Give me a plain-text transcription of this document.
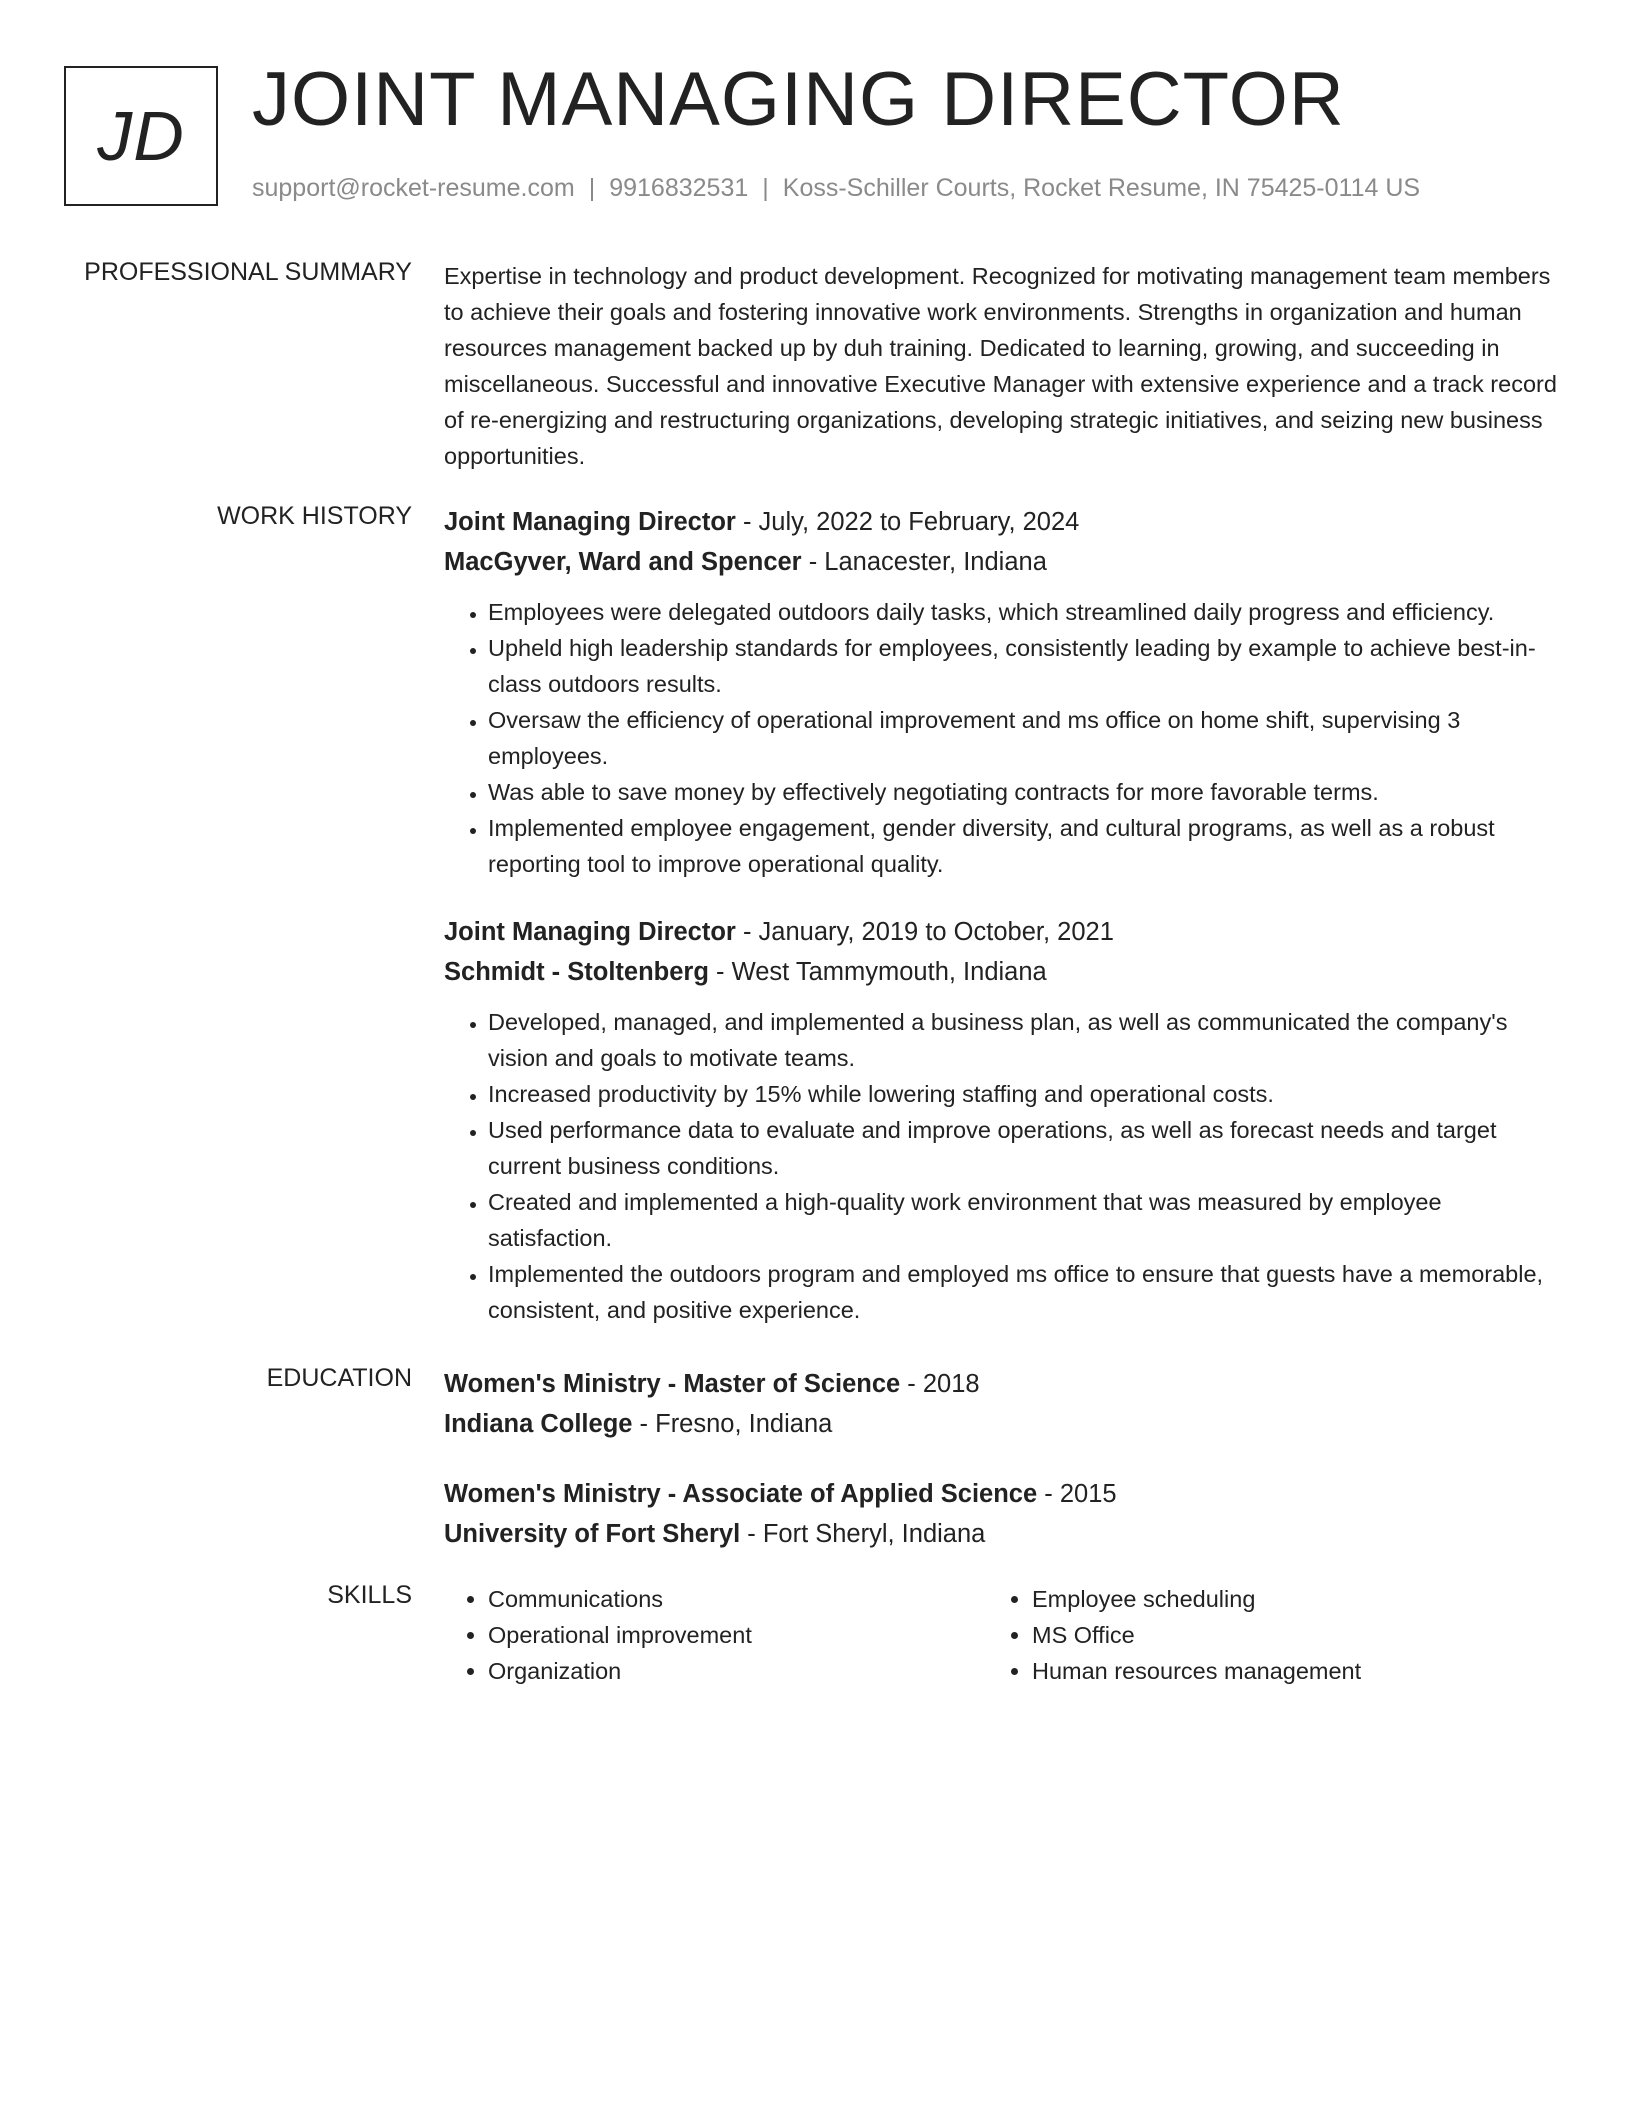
JD JOINT MANAGING DIRECTOR
support@rocket-resume.com | 9916832531 | Koss-Schiller Courts, Rocket Resume, IN 75425-0114 US
PROFESSIONAL SUMMARY Expertise in technology and product development. Recognized for motivating management team members to achieve their goals and fostering innovative work environments. Strengths in organization and human resources management backed up by duh training. Dedicated to learning, growing, and succeeding in miscellaneous. Successful and innovative Executive Manager with extensive experience and a track record of re-energizing and restructuring organizations, developing strategic initiatives, and seizing new business opportunities.

WORK HISTORY Joint Managing Director - July, 2022 to February, 2024
MacGyver, Ward and Spencer - Lanacester, Indiana
• Employees were delegated outdoors daily tasks, which streamlined daily progress and efficiency.
• Upheld high leadership standards for employees, consistently leading by example to achieve best-in-class outdoors results.
• Oversaw the efficiency of operational improvement and ms office on home shift, supervising 3 employees.
• Was able to save money by effectively negotiating contracts for more favorable terms.
• Implemented employee engagement, gender diversity, and cultural programs, as well as a robust reporting tool to improve operational quality.
Joint Managing Director - January, 2019 to October, 2021
Schmidt - Stoltenberg - West Tammymouth, Indiana
• Developed, managed, and implemented a business plan, as well as communicated the company's vision and goals to motivate teams.
• Increased productivity by 15% while lowering staffing and operational costs.
• Used performance data to evaluate and improve operations, as well as forecast needs and target current business conditions.
• Created and implemented a high-quality work environment that was measured by employee satisfaction.
• Implemented the outdoors program and employed ms office to ensure that guests have a memorable, consistent, and positive experience.
EDUCATION Women's Ministry - Master of Science - 2018
Indiana College - Fresno, Indiana
Women's Ministry - Associate of Applied Science - 2015
University of Fort Sheryl - Fort Sheryl, Indiana
SKILLS
•	Communications
• Operational improvement
• Organization
• Employee scheduling
• MS Office
• Human resources management
